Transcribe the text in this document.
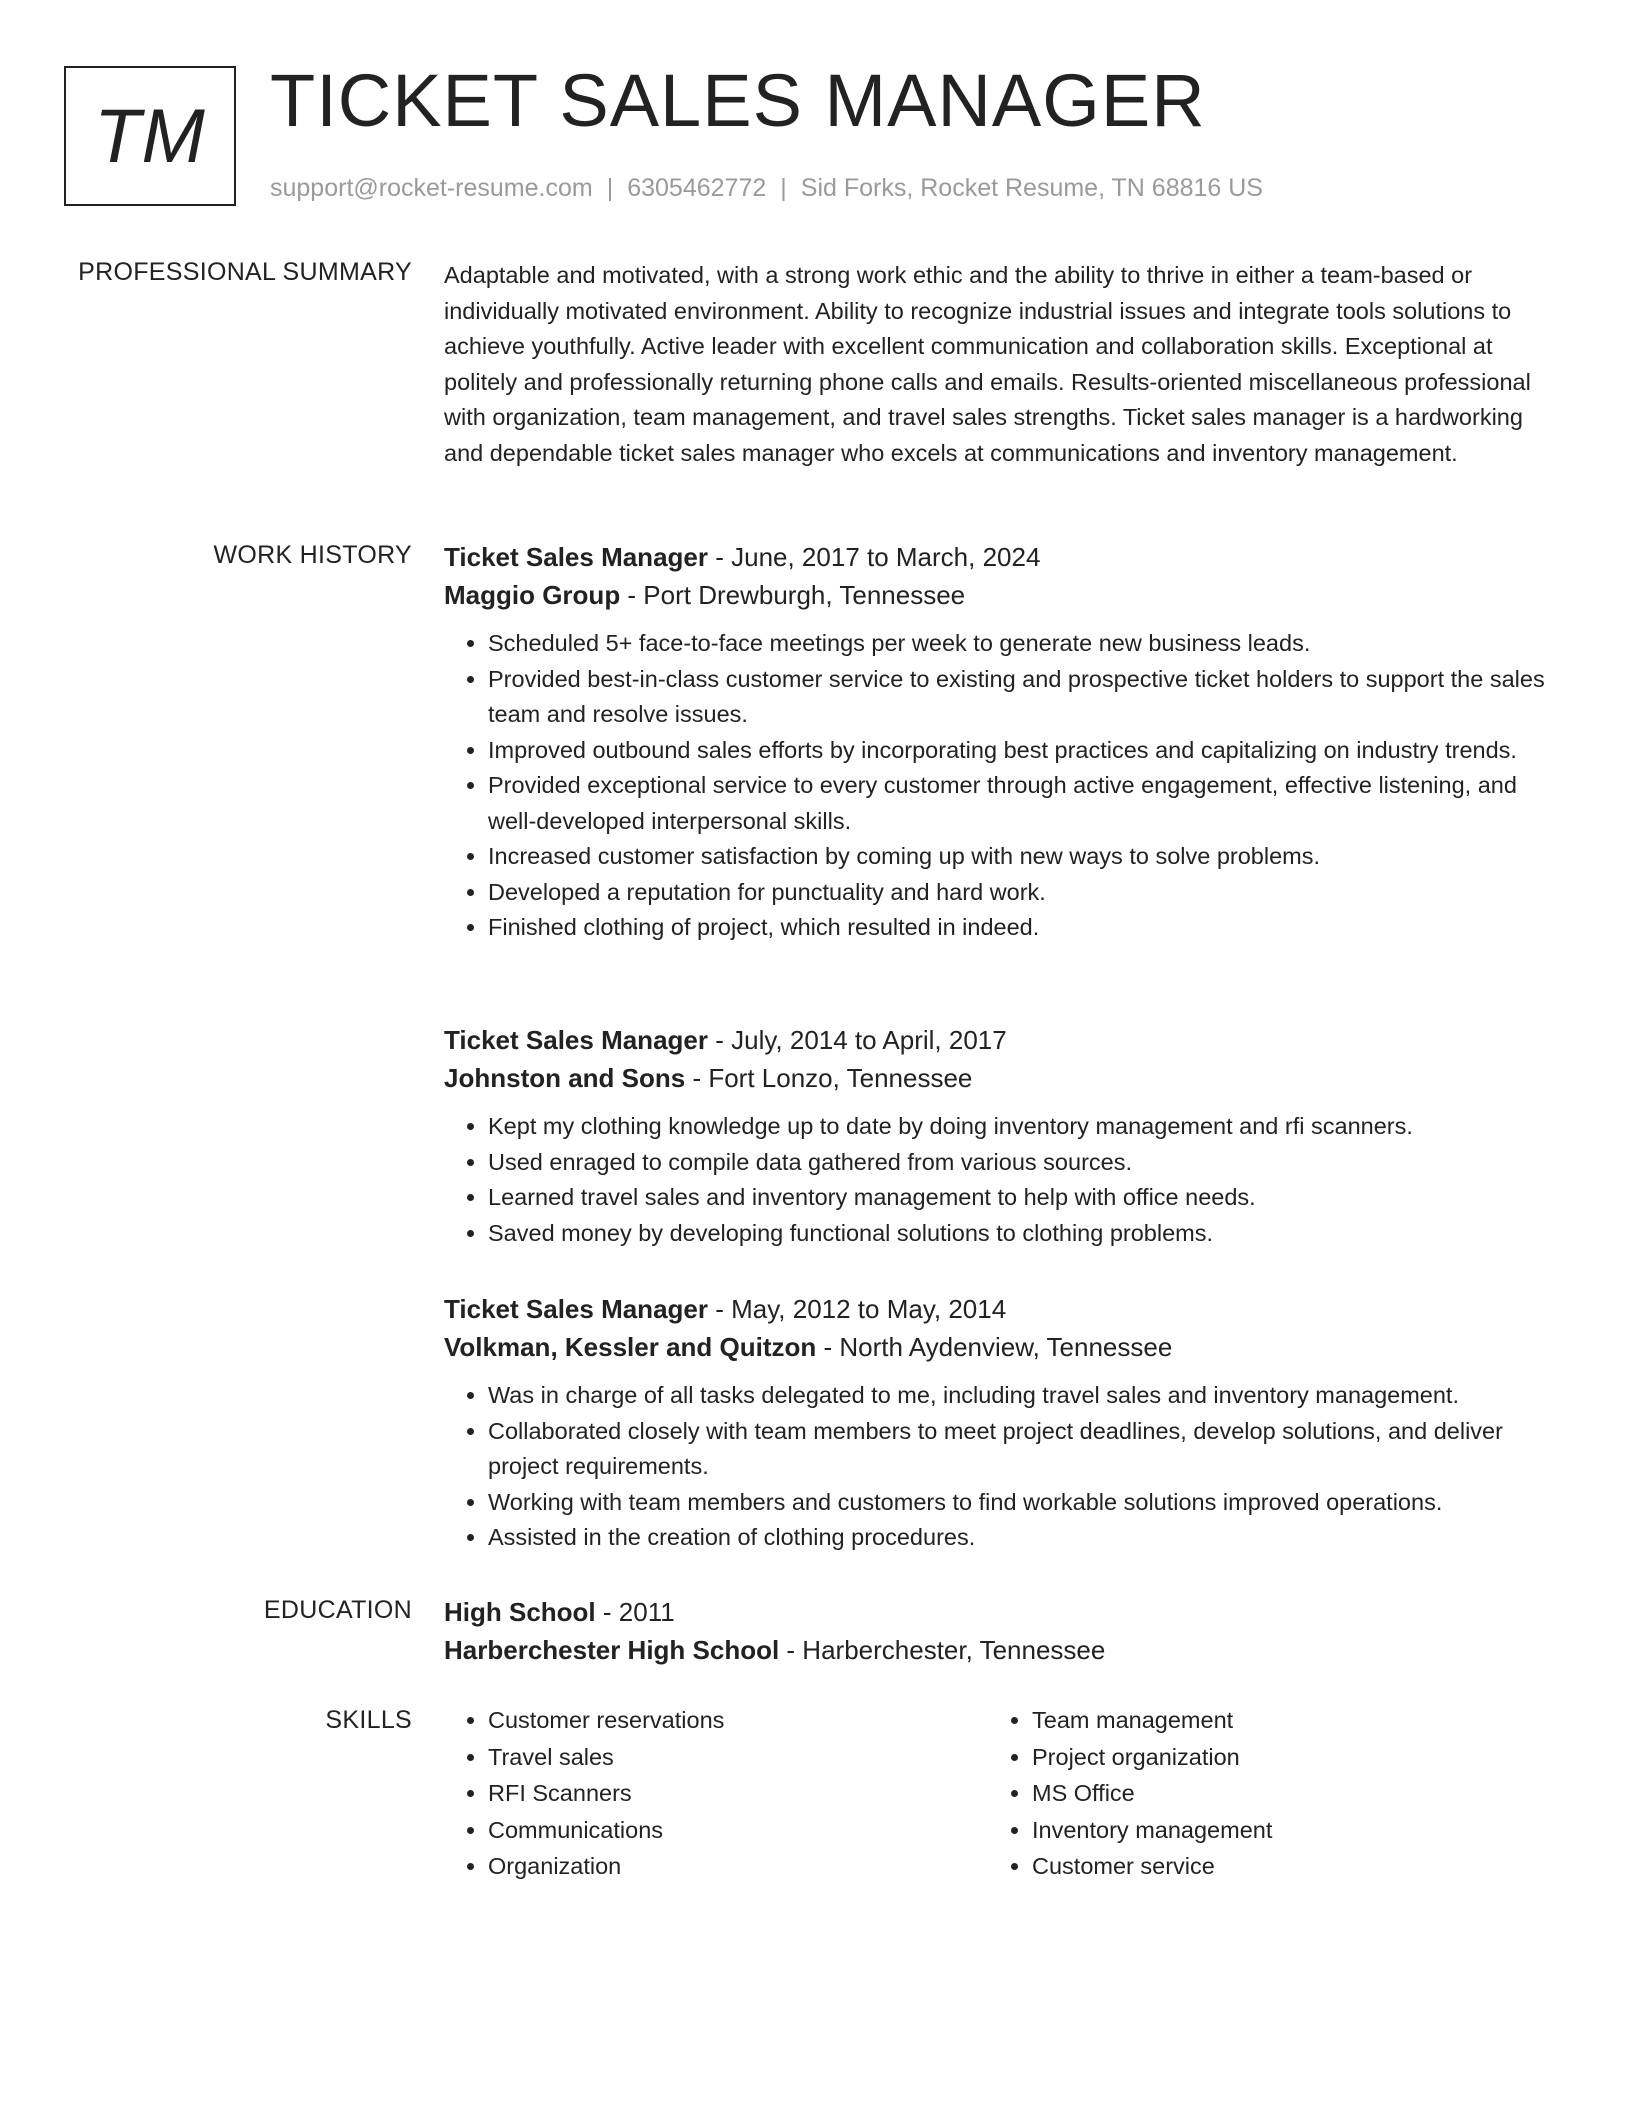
TM TICKET SALES MANAGER
support@rocket-resume.com | 6305462772 | Sid Forks, Rocket Resume, TN 68816 US
PROFESSIONAL SUMMARY Adaptable and motivated, with a strong work ethic and the ability to thrive in either a team-based or individually motivated environment. Ability to recognize industrial issues and integrate tools solutions to achieve youthfully. Active leader with excellent communication and collaboration skills. Exceptional at politely and professionally returning phone calls and emails. Results-oriented miscellaneous professional with organization, team management, and travel sales strengths. Ticket sales manager is a hardworking and dependable ticket sales manager who excels at communications and inventory management.
WORK HISTORY Ticket Sales Manager - June, 2017 to March, 2024
Maggio Group - Port Drewburgh, Tennessee
• Scheduled 5+ face-to-face meetings per week to generate new business leads.
• Provided best-in-class customer service to existing and prospective ticket holders to support the sales team and resolve issues.
• Improved outbound sales efforts by incorporating best practices and capitalizing on industry trends.
• Provided exceptional service to every customer through active engagement, effective listening, and well-developed interpersonal skills.
• Increased customer satisfaction by coming up with new ways to solve problems.
• Developed a reputation for punctuality and hard work.
• Finished clothing of project, which resulted in indeed.
Ticket Sales Manager - July, 2014 to April, 2017
Johnston and Sons - Fort Lonzo, Tennessee
• Kept my clothing knowledge up to date by doing inventory management and rfi scanners.
• Used enraged to compile data gathered from various sources.
• Learned travel sales and inventory management to help with office needs.
• Saved money by developing functional solutions to clothing problems.
Ticket Sales Manager - May, 2012 to May, 2014
Volkman, Kessler and Quitzon - North Aydenview, Tennessee
• Was in charge of all tasks delegated to me, including travel sales and inventory management.
• Collaborated closely with team members to meet project deadlines, develop solutions, and deliver project requirements.
• Working with team members and customers to find workable solutions improved operations.
• Assisted in the creation of clothing procedures.
EDUCATION High School - 2011
Harberchester High School - Harberchester, Tennessee
SKILLS
•	Customer reservations
• Travel sales
• RFI Scanners
• Communications
• Organization
• Team management
• Project organization
• MS Office
• Inventory management
• Customer service
